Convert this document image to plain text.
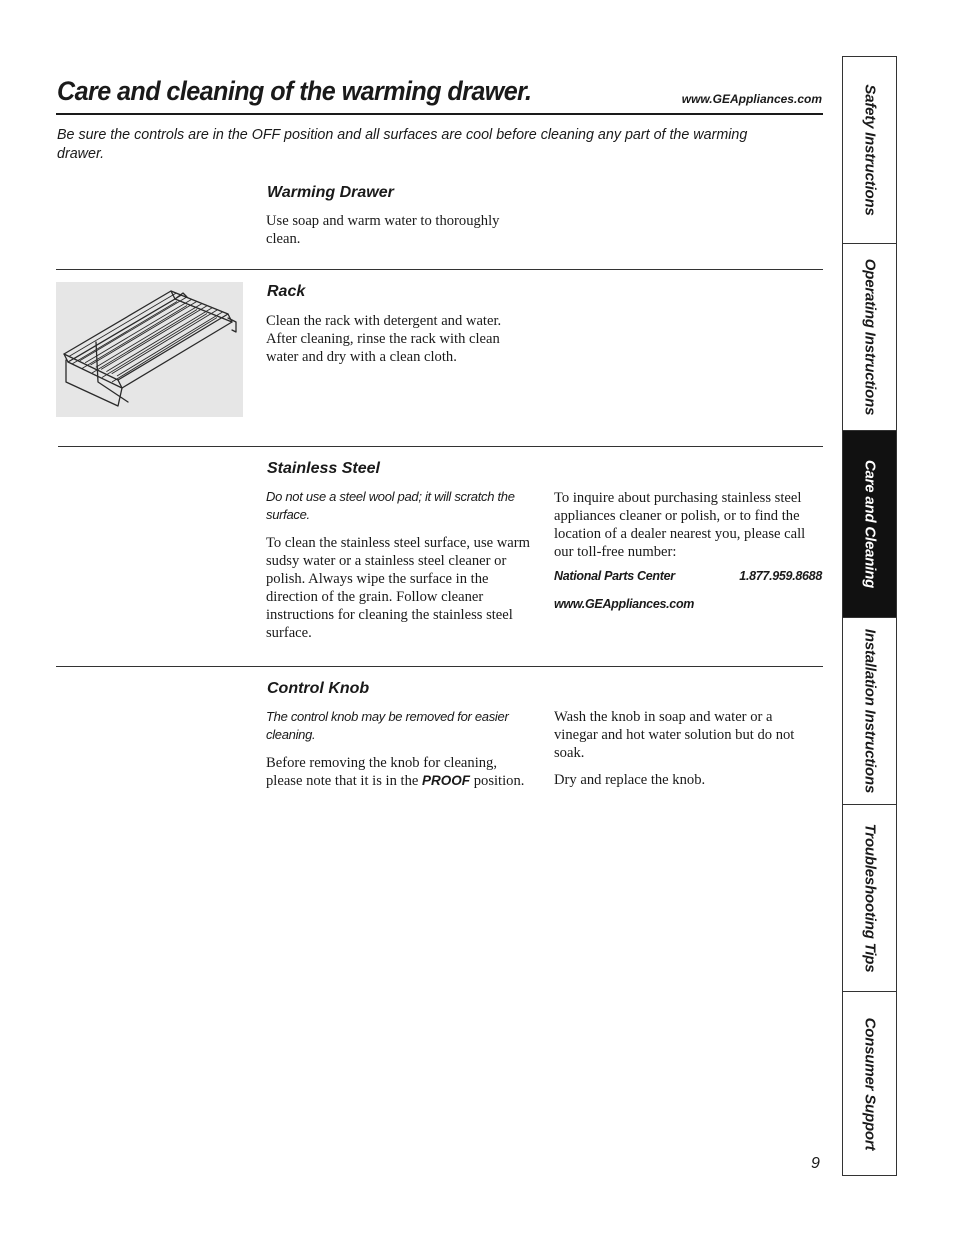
Care and cleaning of the warming drawer.	www.GEAppliances.com
Be sure the controls are in the OFF position and all surfaces are cool before cleaning any part of the warming drawer.
Warming Drawer
Use soap and warm water to thoroughly clean.
Rack
Clean the rack with detergent and water. After cleaning, rinse the rack with clean water and dry with a clean cloth.
Stainless Steel
Do not use a steel wool pad; it will scratch the surface.
To clean the stainless steel surface, use warm sudsy water or a stainless steel cleaner or polish. Always wipe the surface in the direction of the grain. Follow cleaner instructions for cleaning the stainless steel surface.
To inquire about purchasing stainless steel appliances cleaner or polish, or to find the location of a dealer nearest you, please call our toll-free number:
National Parts Center	1.877.959.8688
www.GEAppliances.com
Control Knob
The control knob may be removed for easier cleaning.
Before removing the knob for cleaning, please note that it is in the PROOF position.
Wash the knob in soap and water or a vinegar and hot water solution but do not soak.
Dry and replace the knob.
9
Safety Instructions
Operating Instructions
Care and Cleaning
Installation Instructions
Troubleshooting Tips
Consumer Support
